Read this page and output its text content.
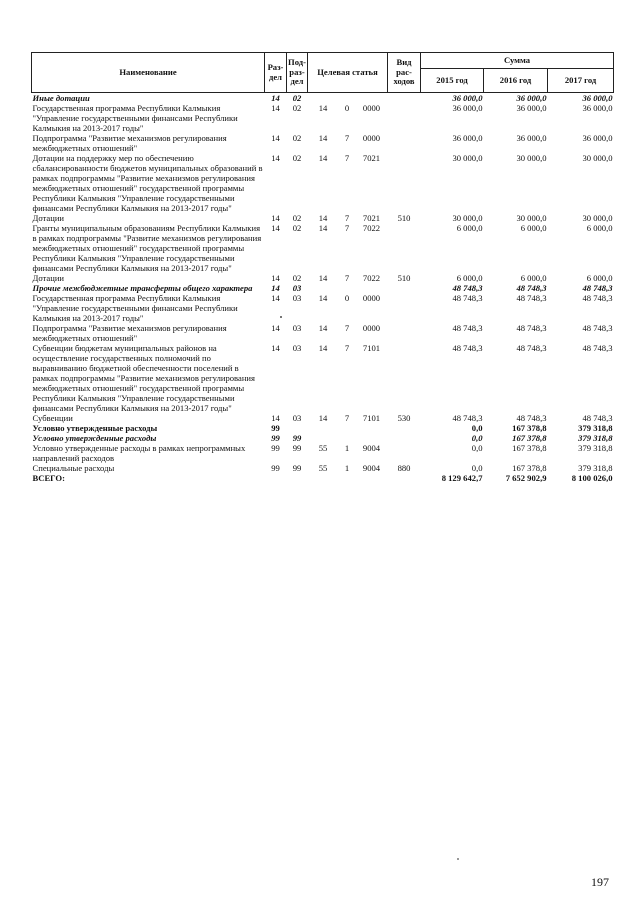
Наименование	Раз-дел	Под-раз-дел	Целевая статья			Вид рас-ходов	Сумма		
							2015 год	2016 год	2017 год
Иные дотации	14	02					36 000,0	36 000,0	36 000,0
Государственная программа Республики Калмыкия "Управление государственными финансами Республики Калмыкия на 2013-2017 годы"	14	02	14	0	0000		36 000,0	36 000,0	36 000,0
Подпрограмма "Развитие механизмов регулирования межбюджетных отношений"	14	02	14	7	0000		36 000,0	36 000,0	36 000,0
Дотации на поддержку мер по обеспечению сбалансированности бюджетов муниципальных образований в рамках подпрограммы "Развитие механизмов регулирования межбюджетных отношений" государственной программы Республики Калмыкия "Управление государственными финансами Республики Калмыкия на 2013-2017 годы"	14	02	14	7	7021		30 000,0	30 000,0	30 000,0
Дотации	14	02	14	7	7021	510	30 000,0	30 000,0	30 000,0
Гранты муниципальным образованиям Республики Калмыкия в рамках подпрограммы "Развитие механизмов регулирования межбюджетных отношений" государственной программы Республики Калмыкия "Управление государственными финансами Республики Калмыкия на 2013-2017 годы"	14	02	14	7	7022		6 000,0	6 000,0	6 000,0
Дотации	14	02	14	7	7022	510	6 000,0	6 000,0	6 000,0
Прочие межбюджетные трансферты общего характера	14	03					48 748,3	48 748,3	48 748,3
Государственная программа Республики Калмыкия "Управление государственными финансами Республики Калмыкия на 2013-2017 годы"	14	03	14	0	0000		48 748,3	48 748,3	48 748,3
Подпрограмма "Развитие механизмов регулирования межбюджетных отношений"	14	03	14	7	0000		48 748,3	48 748,3	48 748,3
Субвенции бюджетам муниципальных районов на осуществление государственных полномочий по выравниванию бюджетной обеспеченности поселений в рамках подпрограммы "Развитие механизмов регулирования межбюджетных отношений" государственной программы Республики Калмыкия "Управление государственными финансами Республики Калмыкия на 2013-2017 годы"	14	03	14	7	7101		48 748,3	48 748,3	48 748,3
Субвенции	14	03	14	7	7101	530	48 748,3	48 748,3	48 748,3
Условно утвержденные расходы	99						0,0	167 378,8	379 318,8
Условно утвержденные расходы	99	99					0,0	167 378,8	379 318,8
Условно утвержденные расходы в рамках непрограммных направлений расходов	99	99	55	1	9004		0,0	167 378,8	379 318,8
Специальные расходы	99	99	55	1	9004	880	0,0	167 378,8	379 318,8
ВСЕГО:							8 129 642,7	7 652 902,9	8 100 026,0
197
